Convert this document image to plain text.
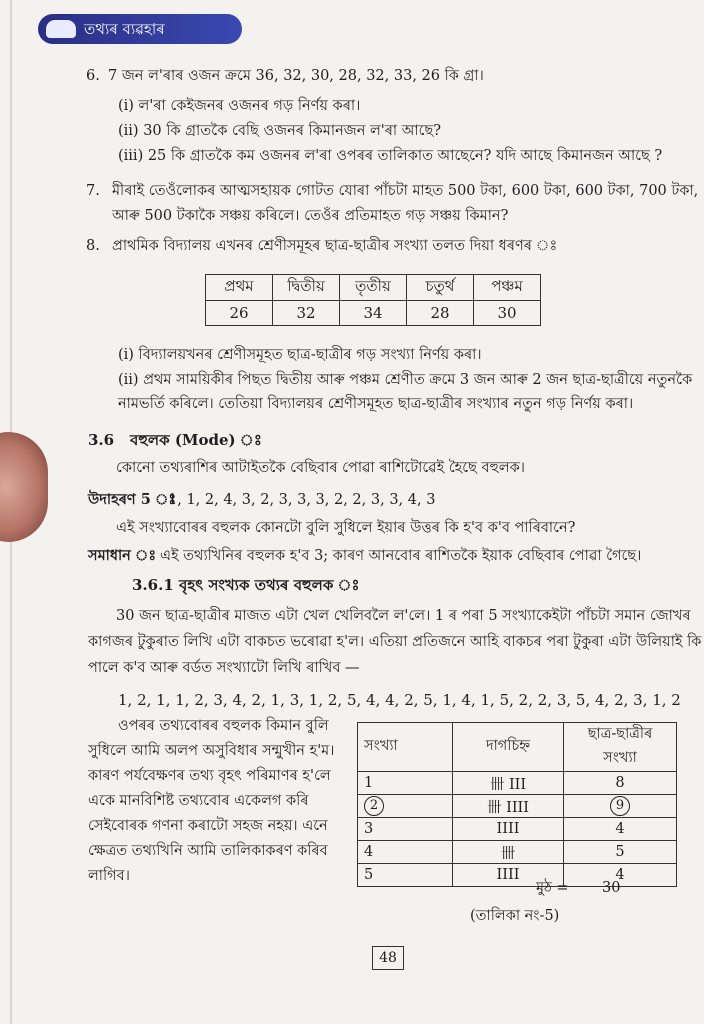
তথ্যৰ ব্যৱহাৰ
6. 7 জন ল'ৰাৰ ওজন ক্ৰমে 36, 32, 30, 28, 32, 33, 26 কি গ্ৰা।
(i) ল'ৰা কেইজনৰ ওজনৰ গড় নিৰ্ণয় কৰা।
(ii) 30 কি গ্ৰাতকৈ বেছি ওজনৰ কিমানজন ল'ৰা আছে?
(iii) 25 কি গ্ৰাতকৈ কম ওজনৰ ল'ৰা ওপৰৰ তালিকাত আছেনে? যদি আছে কিমানজন আছে ?
7. মীৰাই তেওঁলোকৰ আত্মসহায়ক গোটত যোৰা পাঁচটা মাহত 500 টকা, 600 টকা, 600 টকা, 700 টকা,
আৰু 500 টকাকৈ সঞ্চয় কৰিলে। তেওঁৰ প্ৰতিমাহত গড় সঞ্চয় কিমান?
8. প্ৰাথমিক বিদ্যালয় এখনৰ শ্ৰেণীসমূহৰ ছাত্ৰ-ছাত্ৰীৰ সংখ্যা তলত দিয়া ধৰণৰ ঃ
প্ৰথম	দ্বিতীয়	তৃতীয়	চতুৰ্থ	পঞ্চম
26	32	34	28	30
(i) বিদ্যালয়খনৰ শ্ৰেণীসমূহত ছাত্ৰ-ছাত্ৰীৰ গড় সংখ্যা নিৰ্ণয় কৰা।
(ii) প্ৰথম সাময়িকীৰ পিছত দ্বিতীয় আৰু পঞ্চম শ্ৰেণীত ক্ৰমে 3 জন আৰু 2 জন ছাত্ৰ-ছাত্ৰীয়ে নতুনকৈ
নামভৰ্তি কৰিলে। তেতিয়া বিদ্যালয়ৰ শ্ৰেণীসমূহত ছাত্ৰ-ছাত্ৰীৰ সংখ্যাৰ নতুন গড় নিৰ্ণয় কৰা।
3.6 বহুলক (Mode) ঃ
কোনো তথ্যৰাশিৰ আটাইতকৈ বেছিবাৰ পোৱা ৰাশিটোৱেই হৈছে বহুলক।
উদাহৰণ 5 ঃ
1, 1, 2, 4, 3, 2, 3, 3, 3, 2, 2, 3, 3, 4, 3
এই সংখ্যাবোৰৰ বহুলক কোনটো বুলি সুধিলে ইয়াৰ উত্তৰ কি হ'ব ক'ব পাৰিবানে?
সমাধান ঃ এই তথ্যখিনিৰ বহুলক হ'ব 3; কাৰণ আনবোৰ ৰাশিতকৈ ইয়াক বেছিবাৰ পোৱা গৈছে।
3.6.1 বৃহৎ সংখ্যক তথ্যৰ বহুলক ঃ
30 জন ছাত্ৰ-ছাত্ৰীৰ মাজত এটা খেল খেলিবলৈ ল'লে। 1 ৰ পৰা 5 সংখ্যাকেইটা পাঁচটা সমান জোখৰ
কাগজৰ টুকুৰাত লিখি এটা বাকচত ভৰোৱা হ'ল। এতিয়া প্ৰতিজনে আহি বাকচৰ পৰা টুকুৰা এটা উলিয়াই কি
পালে ক'ব আৰু বৰ্ডত সংখ্যাটো লিখি ৰাখিব —
1, 2, 1, 1, 2, 3, 4, 2, 1, 3, 1, 2, 5, 4, 4, 2, 5, 1, 4, 1, 5, 2, 2, 3, 5, 4, 2, 3, 1, 2
ওপৰৰ তথ্যবোৰৰ বহুলক কিমান বুলি
সুধিলে আমি অলপ অসুবিধাৰ সন্মুখীন হ'ম।
কাৰণ পৰ্যবেক্ষণৰ তথ্য বৃহৎ পৰিমাণৰ হ'লে
একে মানবিশিষ্ট তথ্যবোৰ একেলগ কৰি
সেইবোৰক গণনা কৰাটো সহজ নহয়। এনে
ক্ষেত্ৰত তথ্যখিনি আমি তালিকাকৰণ কৰিব
লাগিব।
সংখ্যা	দাগচিহ্ন	ছাত্ৰ-ছাত্ৰীৰ সংখ্যা
1	卌 III	8
2	卌 IIII	9
3	IIII	4
4	卌	5
5	IIII	4
মুঠ = 30
(তালিকা নং-5)
48
